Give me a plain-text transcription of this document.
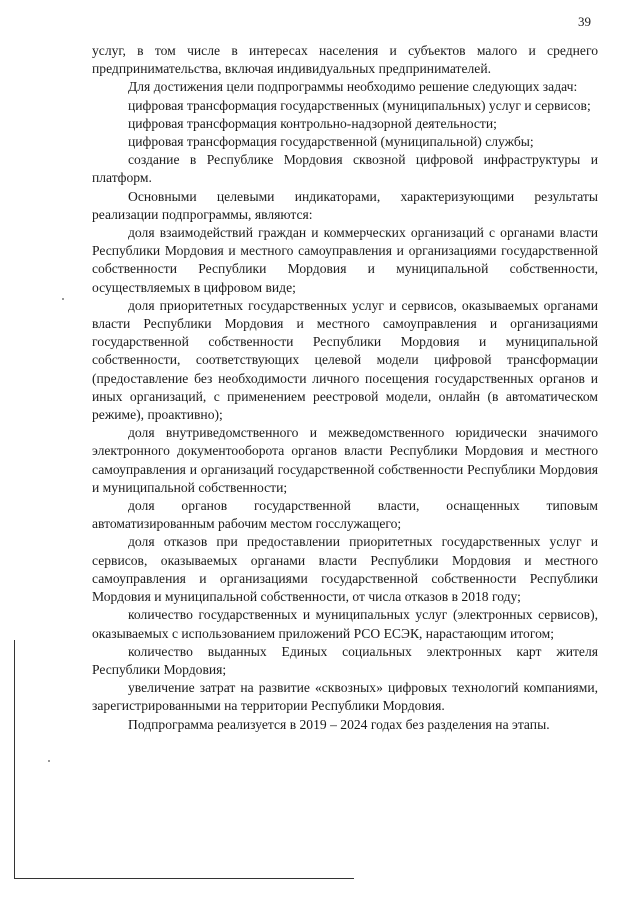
39

услуг, в том числе в интересах населения и субъектов малого и среднего предпринимательства, включая индивидуальных предпринимателей.

Для достижения цели подпрограммы необходимо решение следующих задач:

цифровая трансформация государственных (муниципальных) услуг и сервисов;

цифровая трансформация контрольно-надзорной деятельности;

цифровая трансформация государственной (муниципальной) службы;

создание в Республике Мордовия сквозной цифровой инфраструктуры и платформ.

Основными целевыми индикаторами, характеризующими результаты реализации подпрограммы, являются:

доля взаимодействий граждан и коммерческих организаций с органами власти Республики Мордовия и местного самоуправления и организациями государственной собственности Республики Мордовия и муниципальной собственности, осуществляемых в цифровом виде;

доля приоритетных государственных услуг и сервисов, оказываемых органами власти Республики Мордовия и местного самоуправления и организациями государственной собственности Республики Мордовия и муниципальной собственности, соответствующих целевой модели цифровой трансформации (предоставление без необходимости личного посещения государственных органов и иных организаций, с применением реестровой модели, онлайн (в автоматическом режиме), проактивно);

доля внутриведомственного и межведомственного юридически значимого электронного документооборота органов власти Республики Мордовия и местного самоуправления и организаций государственной собственности Республики Мордовия и муниципальной собственности;

доля органов государственной власти, оснащенных типовым автоматизированным рабочим местом госслужащего;

доля отказов при предоставлении приоритетных государственных услуг и сервисов, оказываемых органами власти Республики Мордовия и местного самоуправления и организациями государственной собственности Республики Мордовия и муниципальной собственности, от числа отказов в 2018 году;

количество государственных и муниципальных услуг (электронных сервисов), оказываемых с использованием приложений РСО ЕСЭК, нарастающим итогом;

количество выданных Единых социальных электронных карт жителя Республики Мордовия;

увеличение затрат на развитие «сквозных» цифровых технологий компаниями, зарегистрированными на территории Республики Мордовия.

Подпрограмма реализуется в 2019 – 2024 годах без разделения на этапы.
